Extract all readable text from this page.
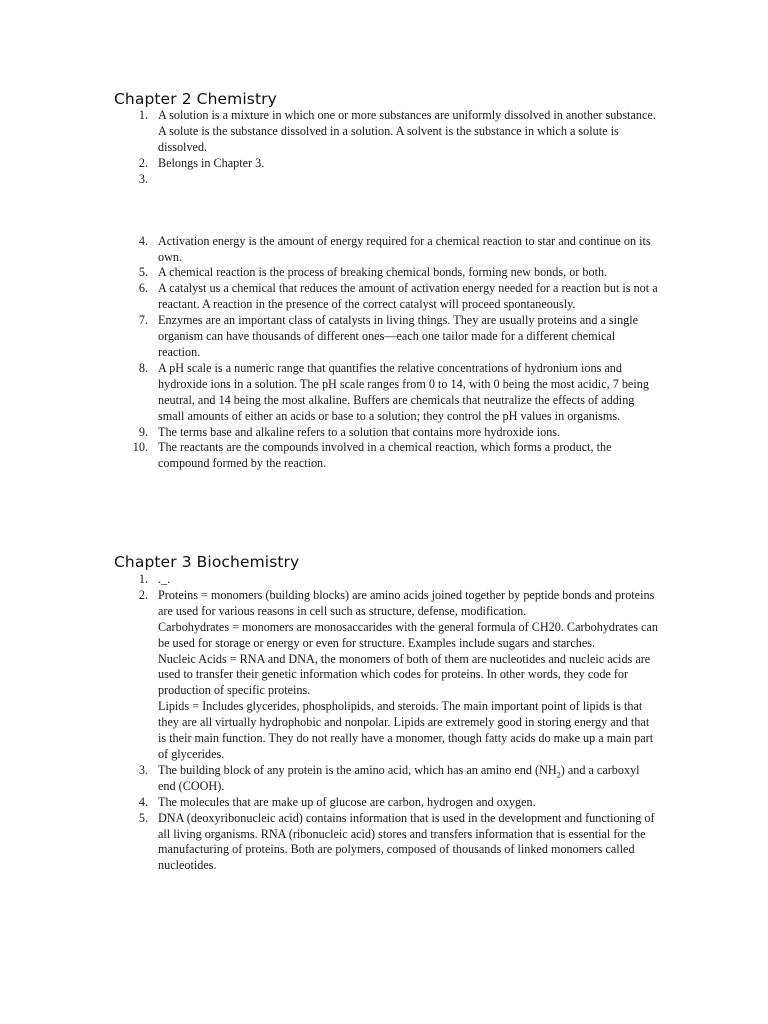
Chapter 2 Chemistry
1. A solution is a mixture in which one or more substances are uniformly dissolved in another substance. A solute is the substance dissolved in a solution. A solvent is the substance in which a solute is dissolved.

2. Belongs in Chapter 3.

3.

4. Activation energy is the amount of energy required for a chemical reaction to star and continue on its own.

5. A chemical reaction is the process of breaking chemical bonds, forming new bonds, or both.

6. A catalyst us a chemical that reduces the amount of activation energy needed for a reaction but is not a reactant. A reaction in the presence of the correct catalyst will proceed spontaneously.

7. Enzymes are an important class of catalysts in living things. They are usually proteins and a single organism can have thousands of different ones—each one tailor made for a different chemical reaction.

8. A pH scale is a numeric range that quantifies the relative concentrations of hydronium ions and hydroxide ions in a solution. The pH scale ranges from 0 to 14, with 0 being the most acidic, 7 being neutral, and 14 being the most alkaline. Buffers are chemicals that neutralize the effects of adding small amounts of either an acids or base to a solution; they control the pH values in organisms.

9. The terms base and alkaline refers to a solution that contains more hydroxide ions.

10. The reactants are the compounds involved in a chemical reaction, which forms a product, the compound formed by the reaction.

Chapter 3 Biochemistry
1. ._.

2. Proteins = monomers (building blocks) are amino acids joined together by peptide bonds and proteins are used for various reasons in cell such as structure, defense, modification.

Carbohydrates = monomers are monosaccarides with the general formula of CH20. Carbohydrates can be used for storage or energy or even for structure. Examples include sugars and starches.

Nucleic Acids = RNA and DNA, the monomers of both of them are nucleotides and nucleic acids are used to transfer their genetic information which codes for proteins. In other words, they code for production of specific proteins.

Lipids = Includes glycerides, phospholipids, and steroids. The main important point of lipids is that they are all virtually hydrophobic and nonpolar. Lipids are extremely good in storing energy and that is their main function. They do not really have a monomer, though fatty acids do make up a main part of glycerides.

3. The building block of any protein is the amino acid, which has an amino end $(NH_2)$ and a carboxyl end (COOH).

4. The molecules that are make up of glucose are carbon, hydrogen and oxygen.

5. DNA (deoxyribonucleic acid) contains information that is used in the development and functioning of all living organisms. RNA (ribonucleic acid) stores and transfers information that is essential for the manufacturing of proteins. Both are polymers, composed of thousands of linked monomers called nucleotides.
